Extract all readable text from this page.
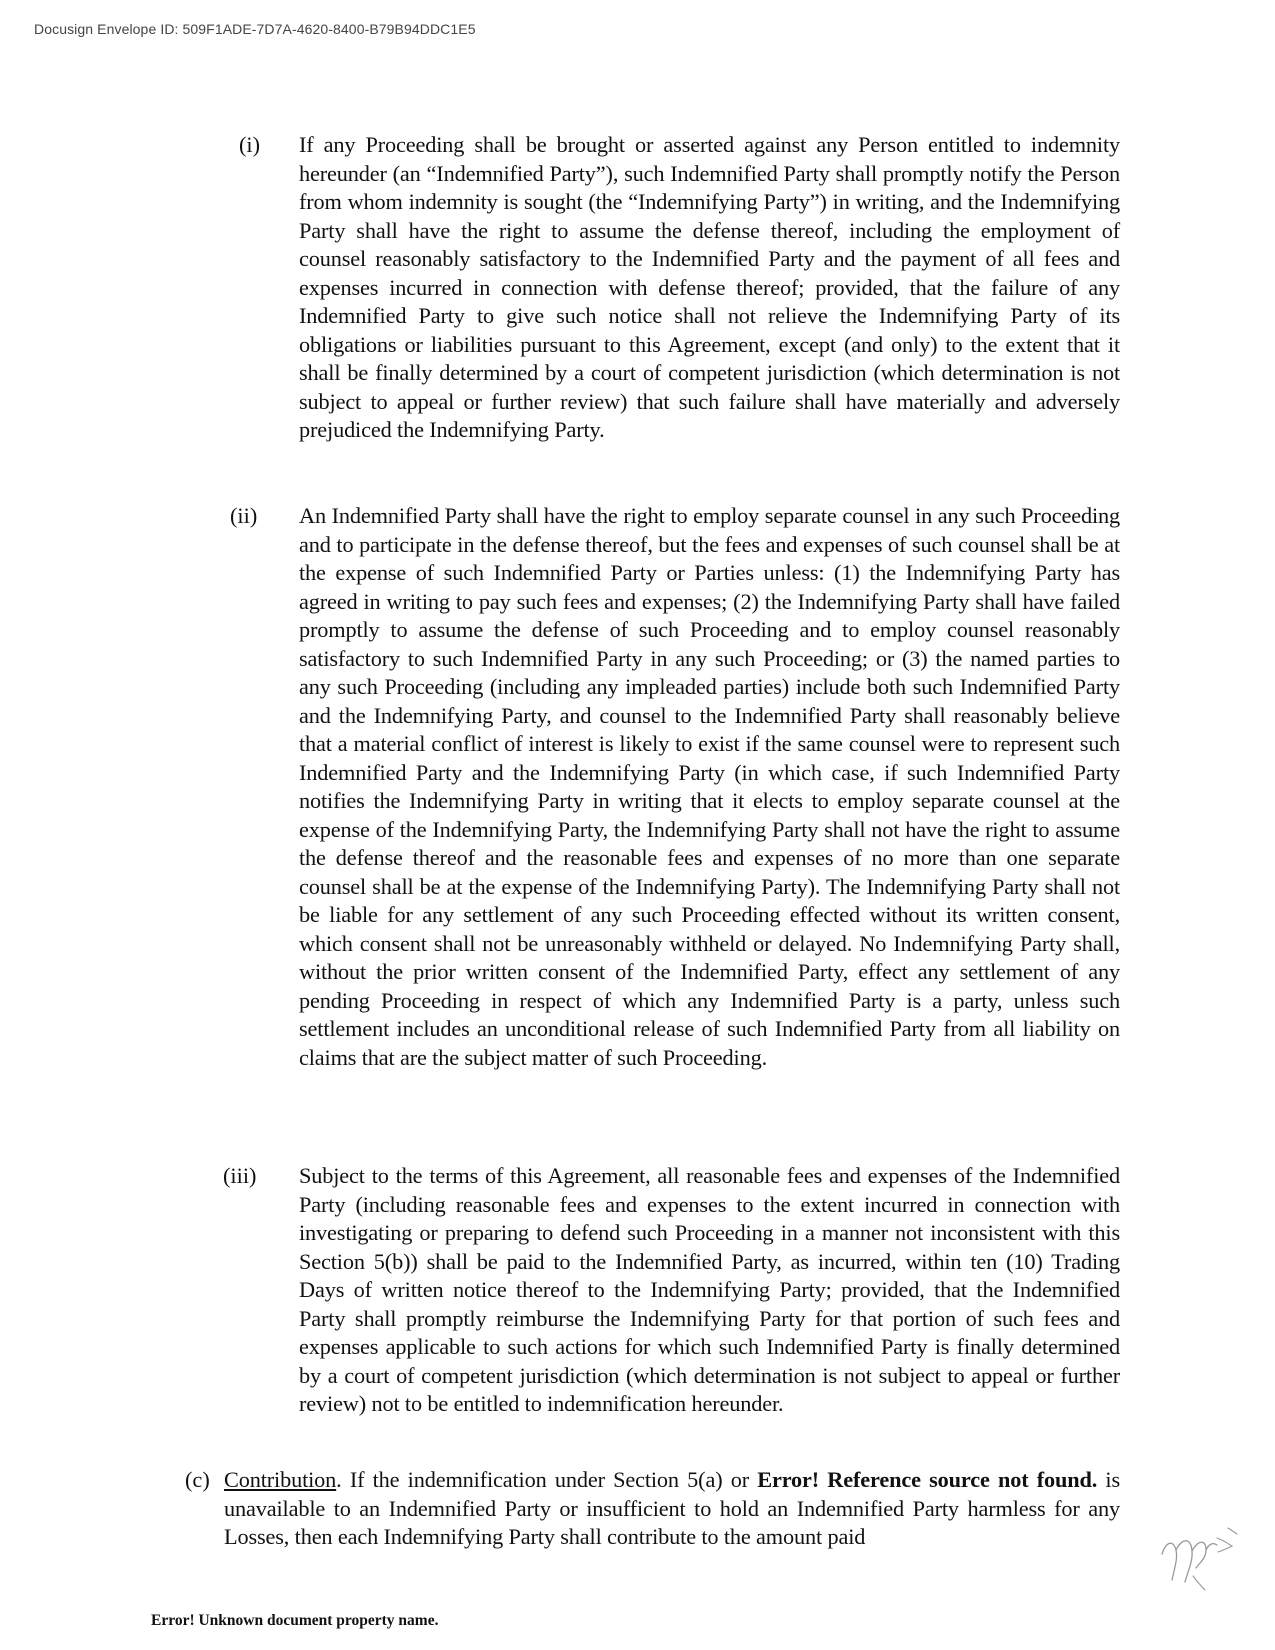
Docusign Envelope ID: 509F1ADE-7D7A-4620-8400-B79B94DDC1E5
(i) If any Proceeding shall be brought or asserted against any Person entitled to indemnity hereunder (an “Indemnified Party”), such Indemnified Party shall promptly notify the Person from whom indemnity is sought (the “Indemnifying Party”) in writing, and the Indemnifying Party shall have the right to assume the defense thereof, including the employment of counsel reasonably satisfactory to the Indemnified Party and the payment of all fees and expenses incurred in connection with defense thereof; provided, that the failure of any Indemnified Party to give such notice shall not relieve the Indemnifying Party of its obligations or liabilities pursuant to this Agreement, except (and only) to the extent that it shall be finally determined by a court of competent jurisdiction (which determination is not subject to appeal or further review) that such failure shall have materially and adversely prejudiced the Indemnifying Party.
(ii) An Indemnified Party shall have the right to employ separate counsel in any such Proceeding and to participate in the defense thereof, but the fees and expenses of such counsel shall be at the expense of such Indemnified Party or Parties unless: (1) the Indemnifying Party has agreed in writing to pay such fees and expenses; (2) the Indemnifying Party shall have failed promptly to assume the defense of such Proceeding and to employ counsel reasonably satisfactory to such Indemnified Party in any such Proceeding; or (3) the named parties to any such Proceeding (including any impleaded parties) include both such Indemnified Party and the Indemnifying Party, and counsel to the Indemnified Party shall reasonably believe that a material conflict of interest is likely to exist if the same counsel were to represent such Indemnified Party and the Indemnifying Party (in which case, if such Indemnified Party notifies the Indemnifying Party in writing that it elects to employ separate counsel at the expense of the Indemnifying Party, the Indemnifying Party shall not have the right to assume the defense thereof and the reasonable fees and expenses of no more than one separate counsel shall be at the expense of the Indemnifying Party). The Indemnifying Party shall not be liable for any settlement of any such Proceeding effected without its written consent, which consent shall not be unreasonably withheld or delayed. No Indemnifying Party shall, without the prior written consent of the Indemnified Party, effect any settlement of any pending Proceeding in respect of which any Indemnified Party is a party, unless such settlement includes an unconditional release of such Indemnified Party from all liability on claims that are the subject matter of such Proceeding.
(iii) Subject to the terms of this Agreement, all reasonable fees and expenses of the Indemnified Party (including reasonable fees and expenses to the extent incurred in connection with investigating or preparing to defend such Proceeding in a manner not inconsistent with this Section 5(b)) shall be paid to the Indemnified Party, as incurred, within ten (10) Trading Days of written notice thereof to the Indemnifying Party; provided, that the Indemnified Party shall promptly reimburse the Indemnifying Party for that portion of such fees and expenses applicable to such actions for which such Indemnified Party is finally determined by a court of competent jurisdiction (which determination is not subject to appeal or further review) not to be entitled to indemnification hereunder.
(c) Contribution. If the indemnification under Section 5(a) or Error! Reference source not found. is unavailable to an Indemnified Party or insufficient to hold an Indemnified Party harmless for any Losses, then each Indemnifying Party shall contribute to the amount paid
Error! Unknown document property name.
